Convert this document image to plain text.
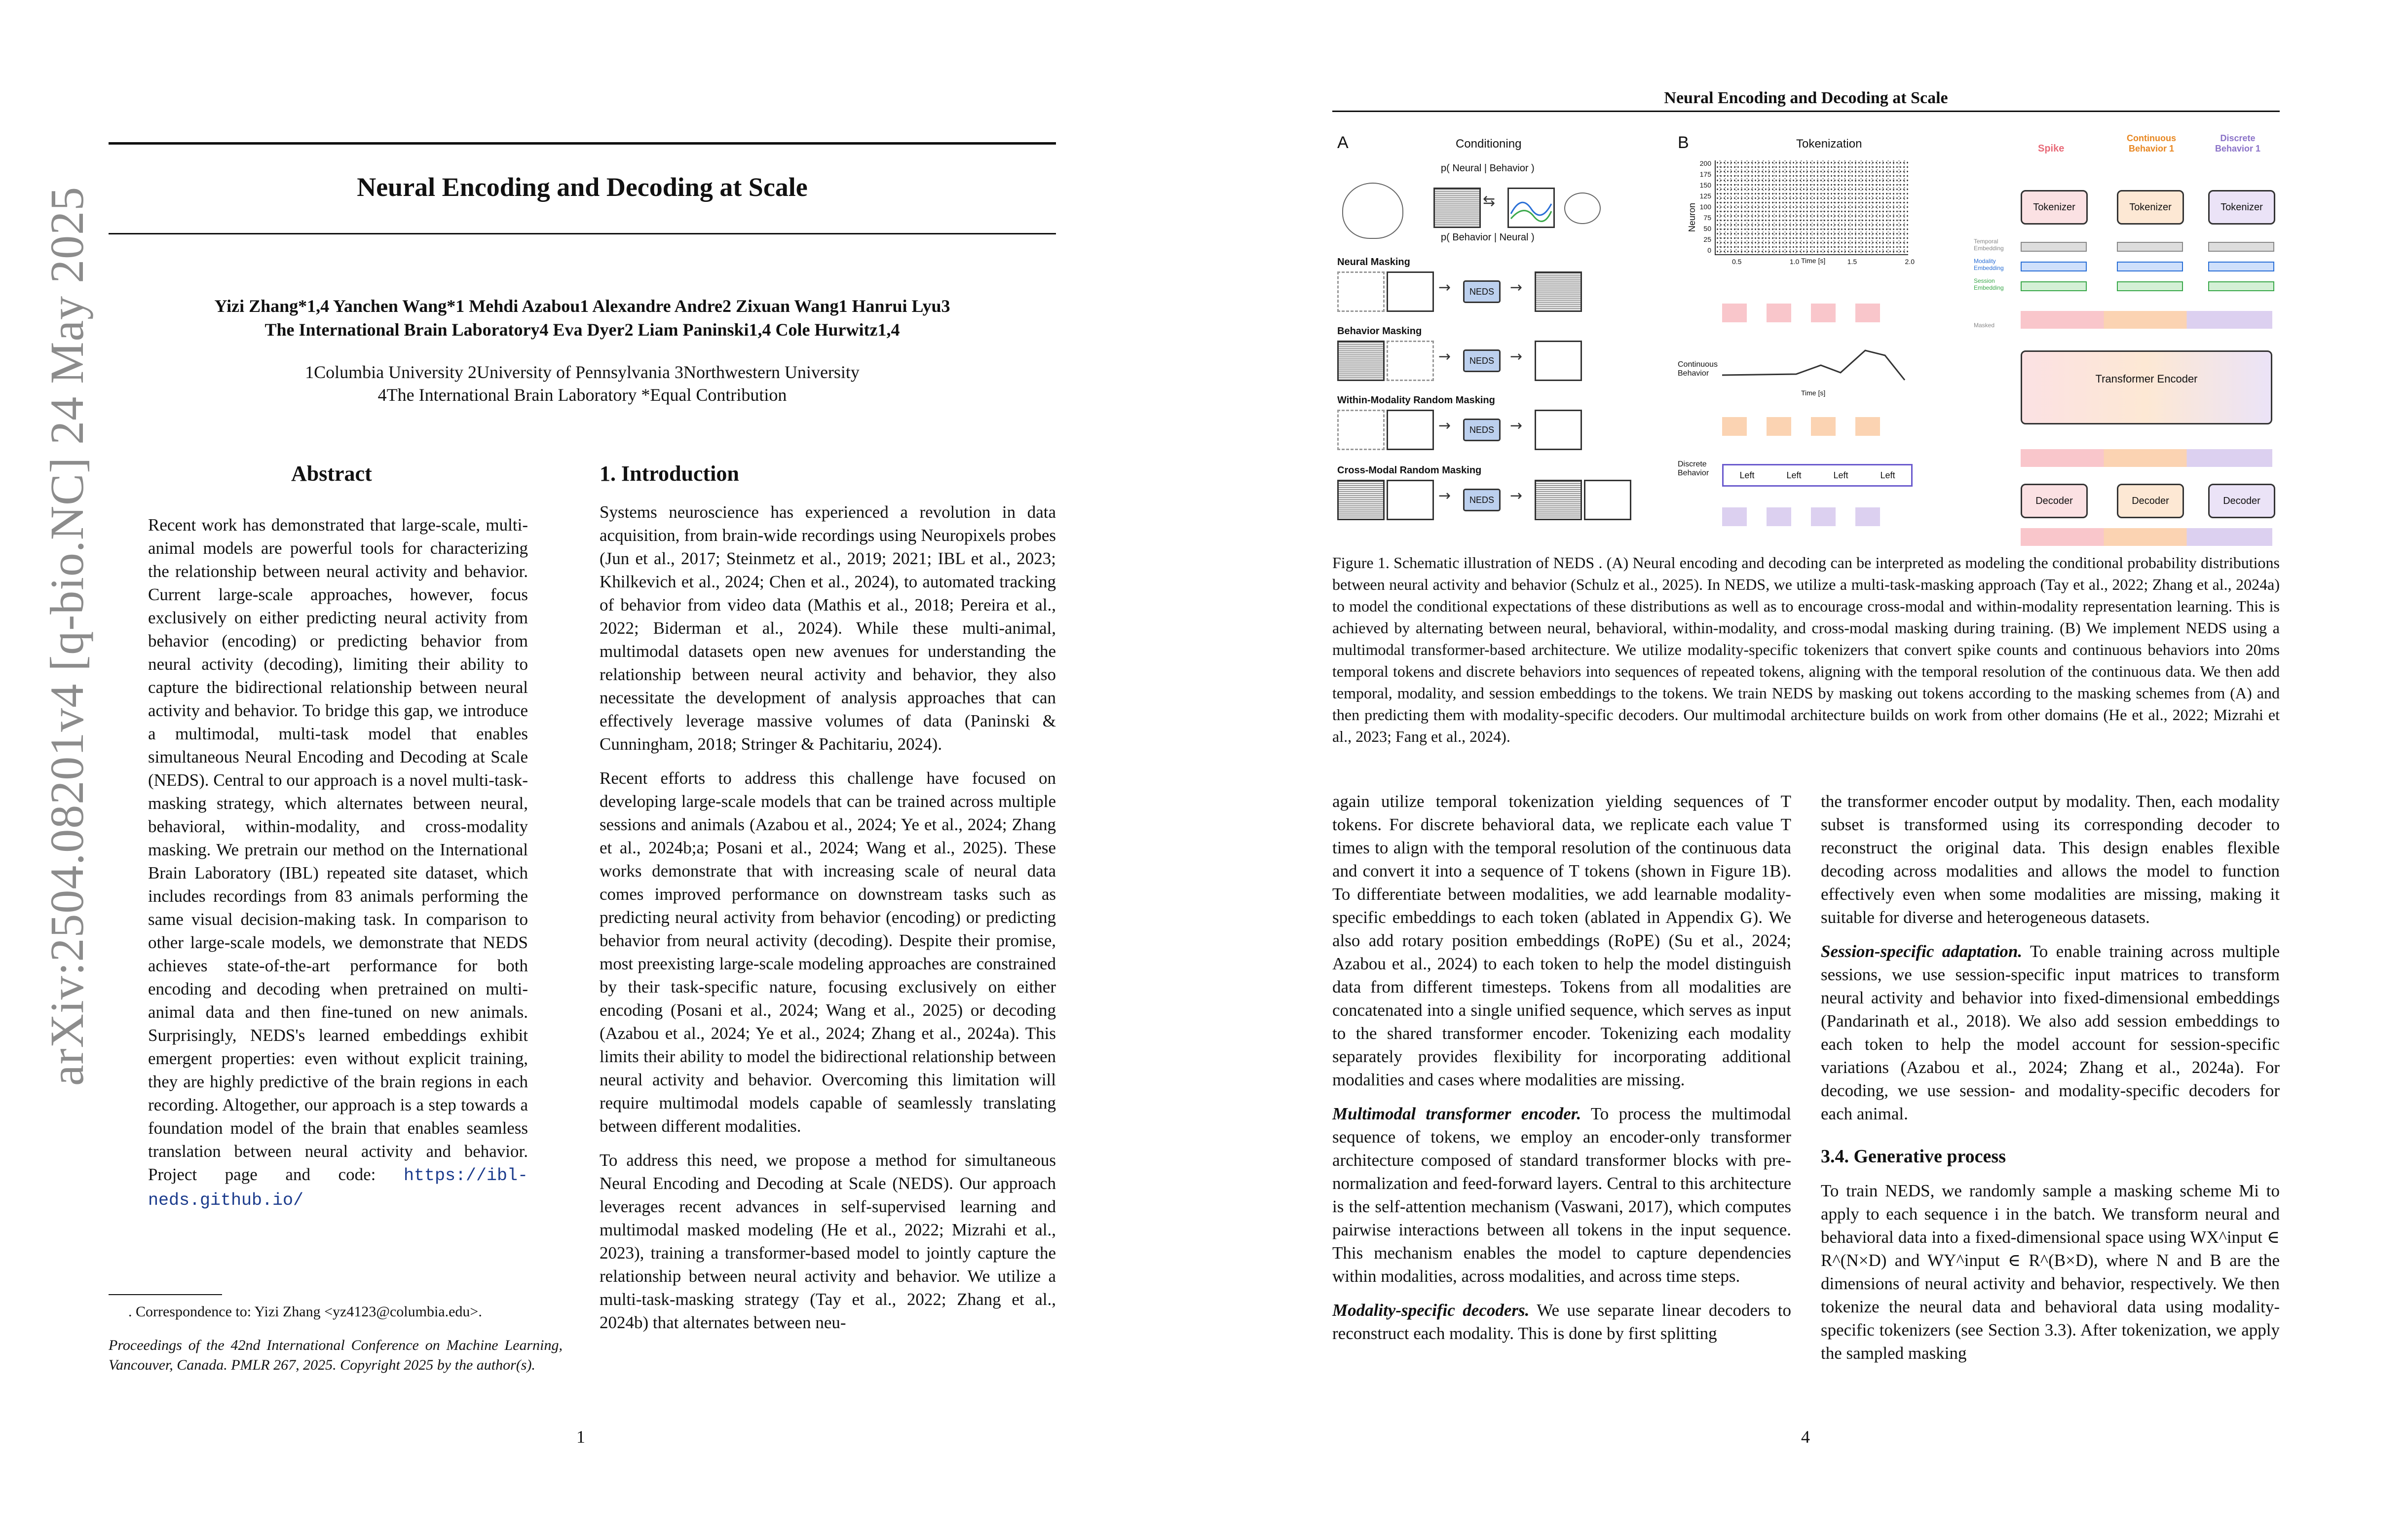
arXiv:2504.08201v4 [q-bio.NC] 24 May 2025	Neural Encoding and Decoding at Scale
Yizi Zhang*1,4 Yanchen Wang*1 Mehdi Azabou1 Alexandre Andre2 Zixuan Wang1 Hanrui Lyu3
The International Brain Laboratory4 Eva Dyer2 Liam Paninski1,4 Cole Hurwitz1,4
1Columbia University 2University of Pennsylvania 3Northwestern University
4The International Brain Laboratory *Equal Contribution
Abstract
Recent work has demonstrated that large-scale, multi-animal models are powerful tools for characterizing the relationship between neural activity and behavior. Current large-scale approaches, however, focus exclusively on either predicting neural activity from behavior (encoding) or predicting behavior from neural activity (decoding), limiting their ability to capture the bidirectional relationship between neural activity and behavior. To bridge this gap, we introduce a multimodal, multi-task model that enables simultaneous Neural Encoding and Decoding at Scale (NEDS). Central to our approach is a novel multi-task-masking strategy, which alternates between neural, behavioral, within-modality, and cross-modality masking. We pretrain our method on the International Brain Laboratory (IBL) repeated site dataset, which includes recordings from 83 animals performing the same visual decision-making task. In comparison to other large-scale models, we demonstrate that NEDS achieves state-of-the-art performance for both encoding and decoding when pretrained on multi-animal data and then fine-tuned on new animals. Surprisingly, NEDS's learned embeddings exhibit emergent properties: even without explicit training, they are highly predictive of the brain regions in each recording. Altogether, our approach is a step towards a foundation model of the brain that enables seamless translation between neural activity and behavior. Project page and code: https://ibl-neds.github.io/
. Correspondence to: Yizi Zhang <yz4123@columbia.edu>.
Proceedings of the 42nd International Conference on Machine Learning, Vancouver, Canada. PMLR 267, 2025. Copyright 2025 by the author(s).
1. Introduction

Systems neuroscience has experienced a revolution in data acquisition, from brain-wide recordings using Neuropixels probes (Jun et al., 2017; Steinmetz et al., 2019; 2021; IBL et al., 2023; Khilkevich et al., 2024; Chen et al., 2024), to automated tracking of behavior from video data (Mathis et al., 2018; Pereira et al., 2022; Biderman et al., 2024). While these multi-animal, multimodal datasets open new avenues for understanding the relationship between neural activity and behavior, they also necessitate the development of analysis approaches that can effectively leverage massive volumes of data (Paninski & Cunningham, 2018; Stringer & Pachitariu, 2024).

Recent efforts to address this challenge have focused on developing large-scale models that can be trained across multiple sessions and animals (Azabou et al., 2024; Ye et al., 2024; Zhang et al., 2024b;a; Posani et al., 2024; Wang et al., 2025). These works demonstrate that with increasing scale of neural data comes improved performance on downstream tasks such as predicting neural activity from behavior (encoding) or predicting behavior from neural activity (decoding). Despite their promise, most preexisting large-scale modeling approaches are constrained by their task-specific nature, focusing exclusively on either encoding (Posani et al., 2024; Wang et al., 2025) or decoding (Azabou et al., 2024; Ye et al., 2024; Zhang et al., 2024a). This limits their ability to model the bidirectional relationship between neural activity and behavior. Overcoming this limitation will require multimodal models capable of seamlessly translating between different modalities.

To address this need, we propose a method for simultaneous Neural Encoding and Decoding at Scale (NEDS). Our approach leverages recent advances in self-supervised learning and multimodal masked modeling (He et al., 2022; Mizrahi et al., 2023), training a transformer-based model to jointly capture the relationship between neural activity and behavior. We utilize a multi-task-masking strategy (Tay et al., 2022; Zhang et al., 2024b) that alternates between neu-

1
Neural Encoding and Decoding at Scale
A	Conditioning
p( Neural | Behavior )
p( Behavior | Neural )
⇆
Neural Masking
→	NEDS	→
Behavior Masking
→	NEDS	→
Within-Modality Random Masking
→	NEDS	→
Cross-Modal Random Masking
→	NEDS	→
B	Tokenization
Neuron
200
175
150
125
100
75
50
25
0
0.5	1.0	1.5	2.0
Time [s]
Continuous Behavior
Time [s]
Discrete Behavior	Left	Left	Left	Left
Spike
Continuous Behavior 1
Discrete Behavior 1
Tokenizer	Tokenizer	Tokenizer
Temporal Embedding
Modality Embedding
Session Embedding
Masked
Transformer Encoder
Decoder	Decoder	Decoder
Figure 1. Schematic illustration of NEDS . (A) Neural encoding and decoding can be interpreted as modeling the conditional probability distributions between neural activity and behavior (Schulz et al., 2025). In NEDS, we utilize a multi-task-masking approach (Tay et al., 2022; Zhang et al., 2024a) to model the conditional expectations of these distributions as well as to encourage cross-modal and within-modality representation learning. This is achieved by alternating between neural, behavioral, within-modality, and cross-modal masking during training. (B) We implement NEDS using a multimodal transformer-based architecture. We utilize modality-specific tokenizers that convert spike counts and continuous behaviors into 20ms temporal tokens and discrete behaviors into sequences of repeated tokens, aligning with the temporal resolution of the continuous data. We then add temporal, modality, and session embeddings to the tokens. We train NEDS by masking out tokens according to the masking schemes from (A) and then predicting them with modality-specific decoders. Our multimodal architecture builds on work from other domains (He et al., 2022; Mizrahi et al., 2023; Fang et al., 2024).

again utilize temporal tokenization yielding sequences of T tokens. For discrete behavioral data, we replicate each value T times to align with the temporal resolution of the continuous data and convert it into a sequence of T tokens (shown in Figure 1B). To differentiate between modalities, we add learnable modality-specific embeddings to each token (ablated in Appendix G). We also add rotary position embeddings (RoPE) (Su et al., 2024; Azabou et al., 2024) to each token to help the model distinguish data from different timesteps. Tokens from all modalities are concatenated into a single unified sequence, which serves as input to the shared transformer encoder. Tokenizing each modality separately provides flexibility for incorporating additional modalities and cases where modalities are missing.

Multimodal transformer encoder. To process the multimodal sequence of tokens, we employ an encoder-only transformer architecture composed of standard transformer blocks with pre-normalization and feed-forward layers. Central to this architecture is the self-attention mechanism (Vaswani, 2017), which computes pairwise interactions between all tokens in the input sequence. This mechanism enables the model to capture dependencies within modalities, across modalities, and across time steps.

Modality-specific decoders. We use separate linear decoders to reconstruct each modality. This is done by first splitting

the transformer encoder output by modality. Then, each modality subset is transformed using its corresponding decoder to reconstruct the original data. This design enables flexible decoding across modalities and allows the model to function effectively even when some modalities are missing, making it suitable for diverse and heterogeneous datasets.

Session-specific adaptation. To enable training across multiple sessions, we use session-specific input matrices to transform neural activity and behavior into fixed-dimensional embeddings (Pandarinath et al., 2018). We also add session embeddings to each token to help the model account for session-specific variations (Azabou et al., 2024; Zhang et al., 2024a). For decoding, we use session- and modality-specific decoders for each animal.

3.4. Generative process

To train NEDS, we randomly sample a masking scheme Mi to apply to each sequence i in the batch. We transform neural and behavioral data into a fixed-dimensional space using WX^input ∈ R^(N×D) and WY^input ∈ R^(B×D), where N and B are the dimensions of neural activity and behavior, respectively. We then tokenize the neural data and behavioral data using modality-specific tokenizers (see Section 3.3). After tokenization, we apply the sampled masking

4
